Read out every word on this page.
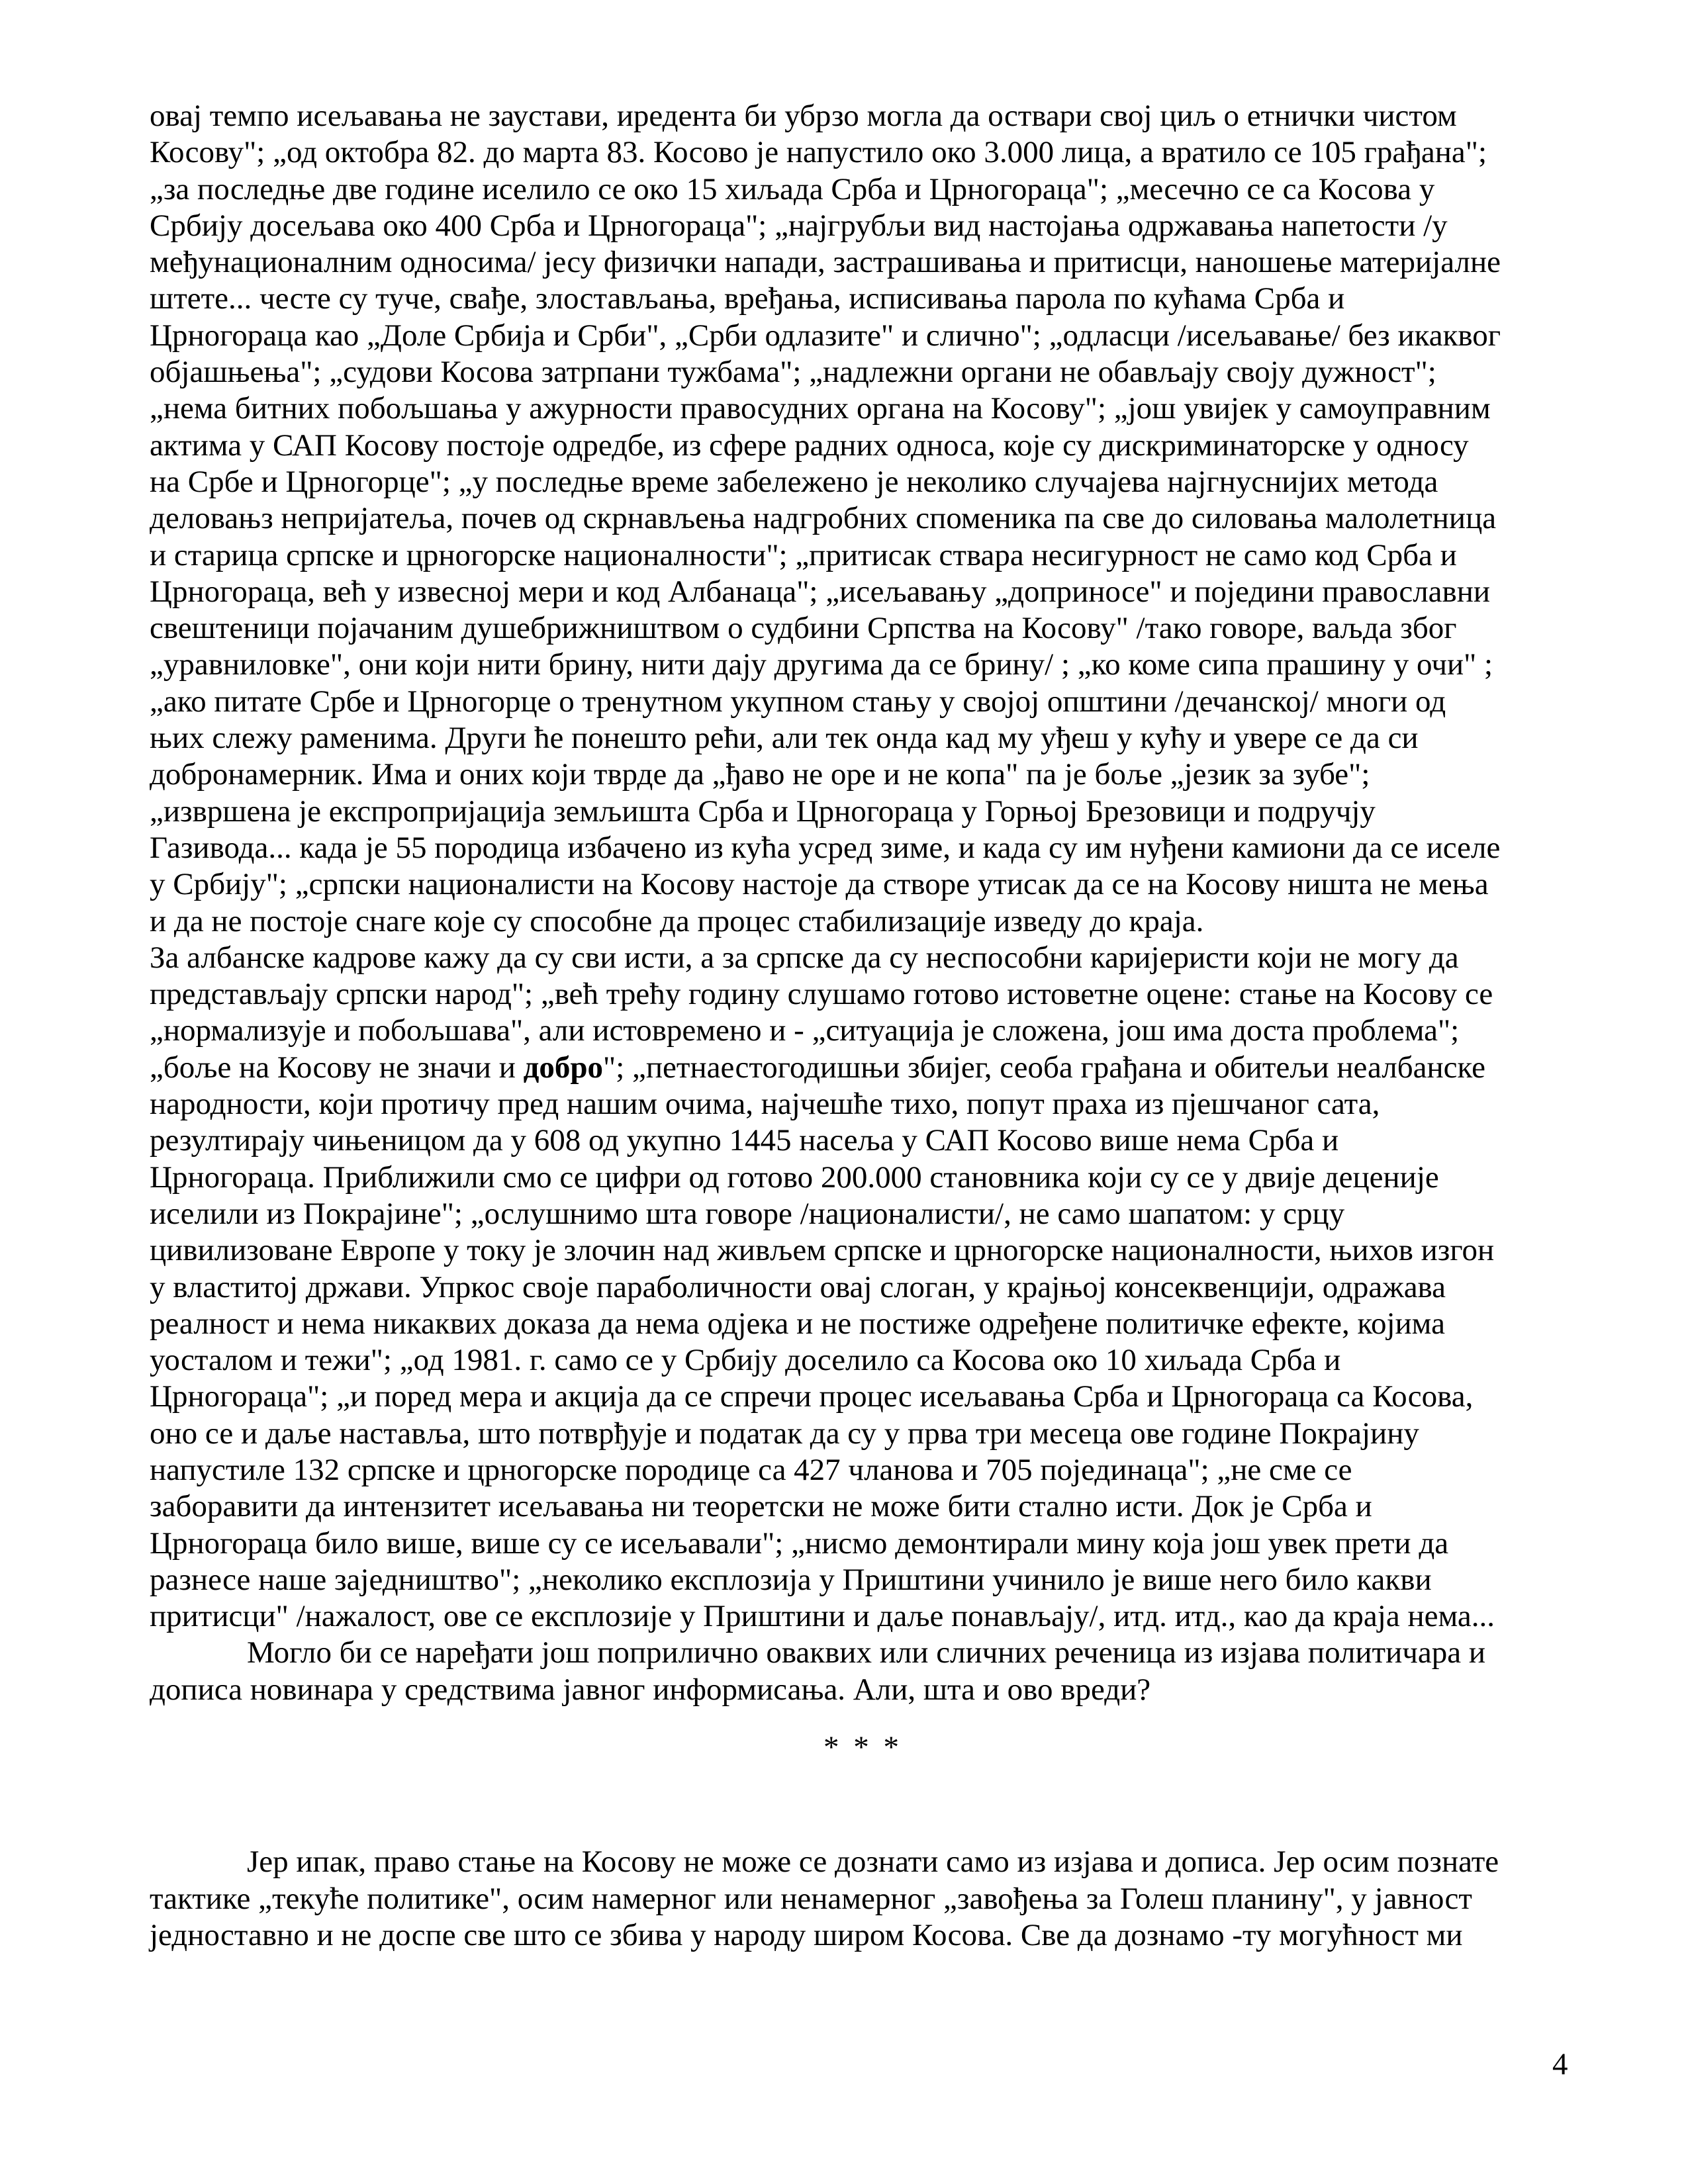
овај темпо исељавања не заустави, иредента би убрзо могла да оствари свој циљ о етнички чистом
Косову"; „од октобра 82. до марта 83. Косово је напустило око 3.000 лица, а вратило се 105 грађана";
„за последње две године иселило се око 15 хиљада Срба и Црногораца"; „месечно се са Косова у
Србију досељава око 400 Срба и Црногораца"; „најгрубљи вид настојања одржавања напетости /у
међунационалним односима/ јесу физички напади, застрашивања и притисци, наношење материјалне
штете... честе су туче, свађе, злостављања, вређања, исписивања парола по кућама Срба и
Црногораца као „Доле Србија и Срби", „Срби одлазите" и слично"; „одласци /исељавање/ без икаквог
објашњења"; „судови Косова затрпани тужбама"; „надлежни органи не обављају своју дужност";
„нема битних побољшања у ажурности правосудних органа на Косову"; „још увијек у самоуправним
актима у САП Косову постоје одредбе, из сфере радних односа, које су дискриминаторске у односу
на Србе и Црногорце"; „у последње време забележено је неколико случајева најгнуснијих метода
деловањз непријатеља, почев од скрнављења надгробних споменика па све до силовања малолетница
и старица српске и црногорске националности"; „притисак ствара несигурност не само код Срба и
Црногораца, већ у извесној мери и код Албанаца"; „исељавању „доприносе" и поједини православни
свештеници појачаним душебрижништвом о судбини Српства на Косову" /тако говоре, ваљда због
„уравниловке", они који нити брину, нити дају другима да се брину/ ; „ко коме сипа прашину у очи" ;
„ако питате Србе и Црногорце о тренутном укупном стању у својој општини /дечанској/ многи од
њих слежу раменима. Други ће понешто рећи, али тек онда кад му уђеш у кућу и увере се да си
добронамерник. Има и оних који тврде да „ђаво не оре и не копа" па је боље „језик за зубе";
„извршена је експропријација земљишта Срба и Црногораца у Горњој Брезовици и подручју
Газивода... када је 55 породица избачено из кућа усред зиме, и када су им нуђени камиони да се иселе
у Србију"; „српски националисти на Косову настоје да створе утисак да се на Косову ништа не мења
и да не постоје снаге које су способне да процес стабилизације изведу до краја.
За албанске кадрове кажу да су сви исти, а за српске да су неспособни каријеристи који не могу да
представљају српски народ"; „већ трећу годину слушамо готово истоветне оцене: стање на Косову се
„нормализује и побољшава", али истовремено и - „ситуација је сложена, још има доста проблема";
„боље на Косову не значи и добро"; „петнаестогодишњи збијег, сеоба грађана и обитељи неалбанске
народности, који протичу пред нашим очима, најчешће тихо, попут праха из пјешчаног сата,
резултирају чињеницом да у 608 од укупно 1445 насеља у САП Косово више нема Срба и
Црногораца. Приближили смо се цифри од готово 200.000 становника који су се у двије деценије
иселили из Покрајине"; „ослушнимо шта говоре /националисти/, не само шапатом: у срцу
цивилизоване Европе у току је злочин над живљем српске и црногорске националности, њихов изгон
у властитој држави. Упркос своје параболичности овај слоган, у крајњој консеквенцији, одражава
реалност и нема никаквих доказа да нема одјека и не постиже одређене политичке ефекте, којима
уосталом и тежи"; „од 1981. г. само се у Србију доселило са Косова око 10 хиљада Срба и
Црногораца"; „и поред мера и акција да се спречи процес исељавања Срба и Црногораца са Косова,
оно се и даље наставља, што потврђује и податак да су у прва три месеца ове године Покрајину
напустиле 132 српске и црногорске породице са 427 чланова и 705 појединаца"; „не сме се
заборавити да интензитет исељавања ни теоретски не може бити стално исти. Док је Срба и
Црногораца било више, више су се исељавали"; „нисмо демонтирали мину која још увек прети да
разнесе наше заједништво"; „неколико експлозија у Приштини учинило је више него било какви
притисци" /нажалост, ове се експлозије у Приштини и даље понављају/, итд. итд., као да краја нема...
Могло би се наређати још поприлично оваквих или сличних реченица из изјава политичара и
дописа новинара у средствима јавног информисања. Али, шта и ово вреди?
* * *
Јер ипак, право стање на Косову не може се дознати само из изјава и дописа. Јер осим познате
тактике „текуће политике", осим намерног или ненамерног „завођења за Голеш планину", у јавност
једноставно и не доспе све што се збива у народу широм Косова. Све да дознамо -ту могућност ми
4
